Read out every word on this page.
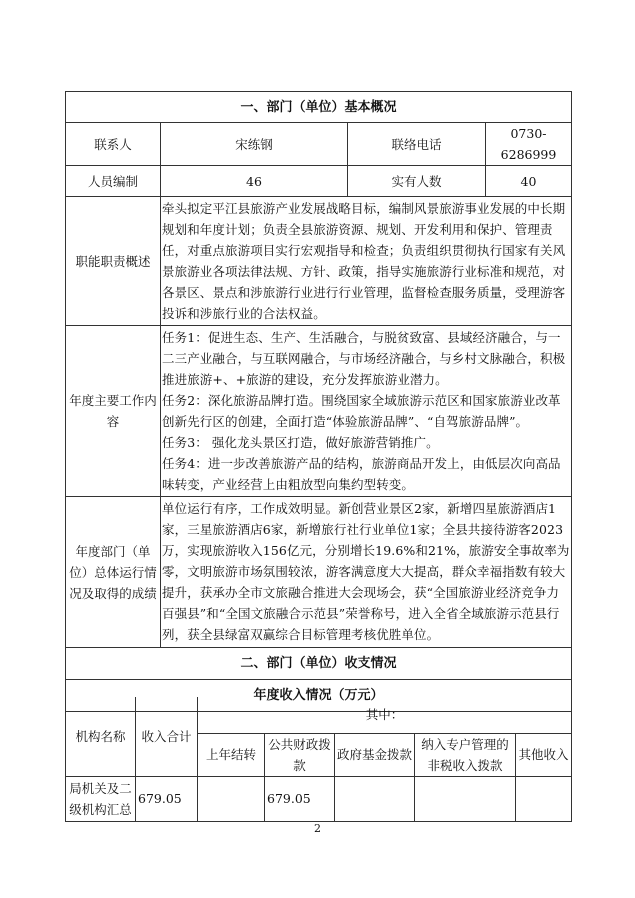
一、部门（单位）基本概况			
联系人	宋练钢	联络电话	0730-6286999
人员编制	46	实有人数	40
职能职责概述	牵头拟定平江县旅游产业发展战略目标，编制风景旅游事业发展的中长期规划和年度计划；负责全县旅游资源、规划、开发利用和保护、管理责任，对重点旅游项目实行宏观指导和检查；负责组织贯彻执行国家有关风景旅游业各项法律法规、方针、政策，指导实施旅游行业标准和规范，对各景区、景点和涉旅游行业进行行业管理，监督检查服务质量，受理游客投诉和涉旅行业的合法权益。		
年度主要工作内容	任务1：促进生态、生产、生活融合，与脱贫致富、县域经济融合，与一二三产业融合，与互联网融合，与市场经济融合，与乡村文脉融合，积极推进旅游+、+旅游的建设，充分发挥旅游业潜力。
任务2：深化旅游品牌打造。围绕国家全域旅游示范区和国家旅游业改革创新先行区的创建，全面打造“体验旅游品牌”、“自驾旅游品牌”。
任务3： 强化龙头景区打造，做好旅游营销推广。
任务4：进一步改善旅游产品的结构，旅游商品开发上，由低层次向高品味转变，产业经营上由粗放型向集约型转变。		

年度部门（单位）总体运行情况及取得的成绩	单位运行有序，工作成效明显。新创营业景区2家，新增四星旅游酒店1家，三星旅游酒店6家，新增旅行社行业单位1家；全县共接待游客2023万，实现旅游收入156亿元，分别增长19.6%和21%，旅游安全事故率为零，文明旅游市场氛围较浓，游客满意度大大提高，群众幸福指数有较大提升，获承办全市文旅融合推进大会现场会，获“全国旅游业经济竞争力百强县”和“全国文旅融合示范县”荣誉称号，进入全省全域旅游示范县行列，获全县绿富双赢综合目标管理考核优胜单位。		
二、部门（单位）收支情况			
年度收入情况（万元）			
机构名称	收入合计	其中：				
		上年结转	公共财政拨款	政府基金拨款	纳入专户管理的非税收入拨款	其他收入
局机关及二级机构汇总	679.05		679.05			
2
